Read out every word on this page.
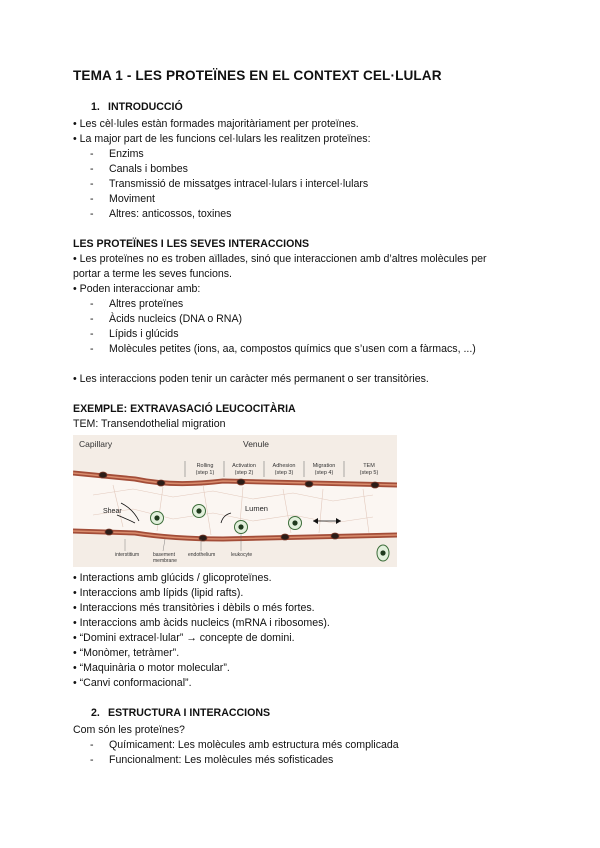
TEMA 1 - LES PROTEÏNES EN EL CONTEXT CEL·LULAR
1. INTRODUCCIÓ

• Les cèl·lules estàn formades majoritàriament per proteïnes.

• La major part de les funcions cel·lulars les realitzen proteïnes:

- Enzims
- Canals i bombes
- Transmissió de missatges intracel·lulars i intercel·lulars
- Moviment
- Altres: anticossos, toxines
LES PROTEÏNES I LES SEVES INTERACCIONS

• Les proteïnes no es troben aïllades, sinó que interaccionen amb d’altres molècules per

portar a terme les seves funcions.

• Poden interaccionar amb:

- Altres proteïnes
- Àcids nucleics (DNA o RNA)
- Lípids i glúcids
- Molècules petites (ions, aa, compostos químics que s’usen com a fàrmacs, ...)

• Les interaccions poden tenir un caràcter més permanent o ser transitòries.

EXEMPLE: EXTRAVASACIÓ LEUCOCITÀRIA

TEM: Transendothelial migration

Capillary	Venule
Rolling
(step 1)
Activation
(step 2)
Adhesion
(step 3)
Migration
(step 4)
TEM
(step 5)
Shear	Lumen
interstitium	basement
membrane
endothelium	leukocyte

• Interactions amb glúcids / glicoproteïnes.

• Interaccions amb lípids (lipid rafts).

• Interaccions més transitòries i dèbils o més fortes.

• Interaccions amb àcids nucleics (mRNA i ribosomes).

• “Domini extracel·lular” → concepte de domini.

• “Monòmer, tetràmer”.

• “Maquinària o motor molecular”.

• “Canvi conformacional”.

2. ESTRUCTURA I INTERACCIONS

Com són les proteïnes?

- Químicament: Les molècules amb estructura més complicada
- Funcionalment: Les molècules més sofisticades
